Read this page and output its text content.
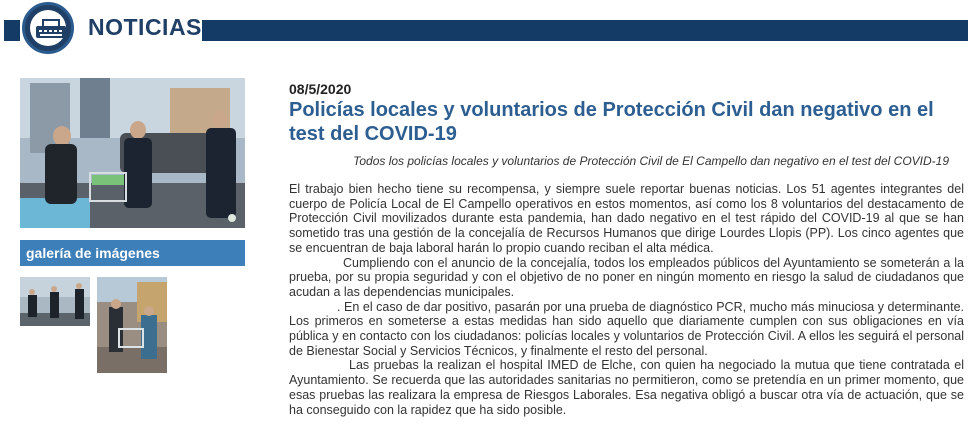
NOTICIAS
galería de imágenes
08/5/2020
Policías locales y voluntarios de Protección Civil dan negativo en el test del COVID-19
Todos los policías locales y voluntarios de Protección Civil de El Campello dan negativo en el test del COVID-19

El trabajo bien hecho tiene su recompensa, y siempre suele reportar buenas noticias. Los 51 agentes integrantes del cuerpo de Policía Local de El Campello operativos en estos momentos, así como los 8 voluntarios del destacamento de Protección Civil movilizados durante esta pandemia, han dado negativo en el test rápido del COVID-19 al que se han sometido tras una gestión de la concejalía de Recursos Humanos que dirige Lourdes Llopis (PP). Los cinco agentes que se encuentran de baja laboral harán lo propio cuando reciban el alta médica.

Cumpliendo con el anuncio de la concejalía, todos los empleados públicos del Ayuntamiento se someterán a la prueba, por su propia seguridad y con el objetivo de no poner en ningún momento en riesgo la salud de ciudadanos que acudan a las dependencias municipales.

. En el caso de dar positivo, pasarán por una prueba de diagnóstico PCR, mucho más minuciosa y determinante. Los primeros en someterse a estas medidas han sido aquello que diariamente cumplen con sus obligaciones en vía pública y en contacto con los ciudadanos: policías locales y voluntarios de Protección Civil. A ellos les seguirá el personal de Bienestar Social y Servicios Técnicos, y finalmente el resto del personal.

Las pruebas la realizan el hospital IMED de Elche, con quien ha negociado la mutua que tiene contratada el Ayuntamiento. Se recuerda que las autoridades sanitarias no permitieron, como se pretendía en un primer momento, que esas pruebas las realizara la empresa de Riesgos Laborales. Esa negativa obligó a buscar otra vía de actuación, que se ha conseguido con la rapidez que ha sido posible.
